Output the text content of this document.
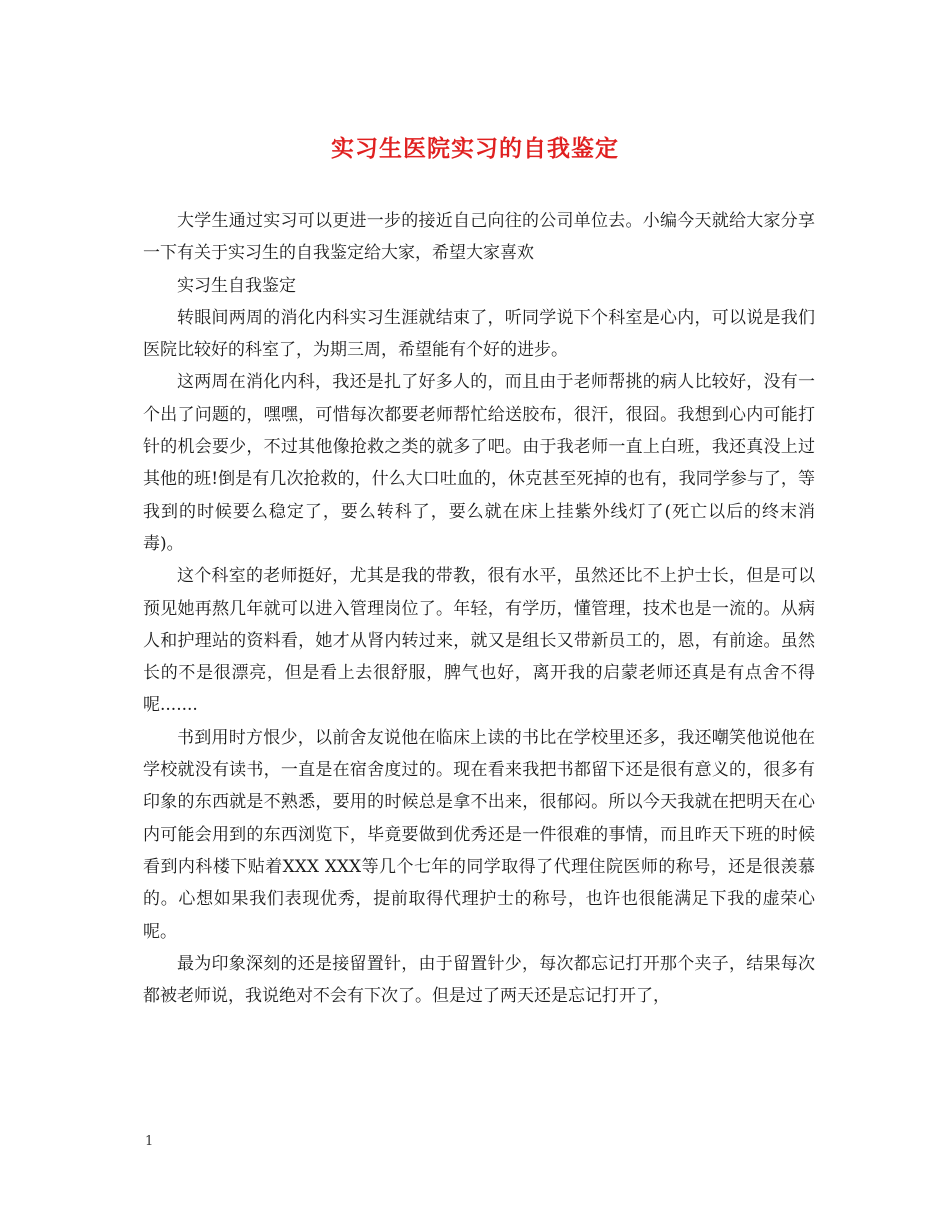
实习生医院实习的自我鉴定

大学生通过实习可以更进一步的接近自己向往的公司单位去。小编今天就给大家分享一下有关于实习生的自我鉴定给大家，希望大家喜欢

实习生自我鉴定

转眼间两周的消化内科实习生涯就结束了，听同学说下个科室是心内，可以说是我们医院比较好的科室了，为期三周，希望能有个好的进步。

这两周在消化内科，我还是扎了好多人的，而且由于老师帮挑的病人比较好，没有一个出了问题的，嘿嘿，可惜每次都要老师帮忙给送胶布，很汗，很囧。我想到心内可能打针的机会要少，不过其他像抢救之类的就多了吧。由于我老师一直上白班，我还真没上过其他的班!倒是有几次抢救的，什么大口吐血的，休克甚至死掉的也有，我同学参与了，等我到的时候要么稳定了，要么转科了，要么就在床上挂紫外线灯了(死亡以后的终末消毒)。

这个科室的老师挺好，尤其是我的带教，很有水平，虽然还比不上护士长，但是可以预见她再熬几年就可以进入管理岗位了。年轻，有学历，懂管理，技术也是一流的。从病人和护理站的资料看，她才从肾内转过来，就又是组长又带新员工的，恩，有前途。虽然长的不是很漂亮，但是看上去很舒服，脾气也好，离开我的启蒙老师还真是有点舍不得呢.......

书到用时方恨少，以前舍友说他在临床上读的书比在学校里还多，我还嘲笑他说他在学校就没有读书，一直是在宿舍度过的。现在看来我把书都留下还是很有意义的，很多有印象的东西就是不熟悉，要用的时候总是拿不出来，很郁闷。所以今天我就在把明天在心内可能会用到的东西浏览下，毕竟要做到优秀还是一件很难的事情，而且昨天下班的时候看到内科楼下贴着XXX XXX等几个七年的同学取得了代理住院医师的称号，还是很羡慕的。心想如果我们表现优秀，提前取得代理护士的称号，也许也很能满足下我的虚荣心呢。

最为印象深刻的还是接留置针，由于留置针少，每次都忘记打开那个夹子，结果每次都被老师说，我说绝对不会有下次了。但是过了两天还是忘记打开了，

1
